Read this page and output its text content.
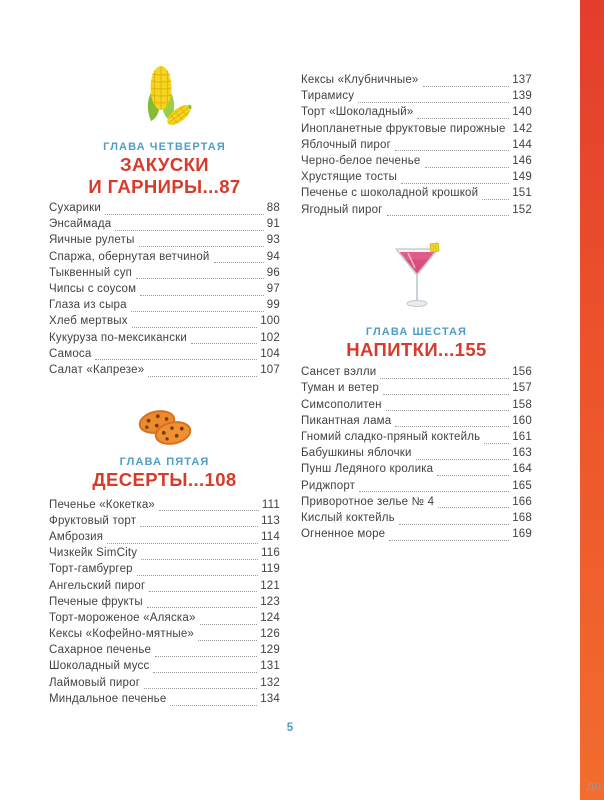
ГЛАВА ЧЕТВЕРТАЯ
ЗАКУСКИ
И ГАРНИРЫ...87
Сухарики	88
Энсаймада	91
Яичные рулеты	93
Спаржа, обернутая ветчиной	94
Тыквенный суп	96
Чипсы с соусом	97
Глаза из сыра	99
Хлеб мертвых	100
Кукуруза по-мексикански	102
Самоса	104
Салат «Капрезе»	107
ГЛАВА ПЯТАЯ
ДЕСЕРТЫ...108
Печенье «Кокетка»	111
Фруктовый торт	113
Амброзия	114
Чизкейк SimCity	116
Торт-гамбургер	119
Ангельский пирог	121
Печеные фрукты	123
Торт-мороженое «Аляска»	124
Кексы «Кофейно-мятные»	126
Сахарное печенье	129
Шоколадный мусс	131
Лаймовый пирог	132
Миндальное печенье	134
Кексы «Клубничные»	137
Тирамису	139
Торт «Шоколадный»	140
Инопланетные фруктовые пирожные 142
Яблочный пирог	144
Черно-белое печенье	146
Хрустящие тосты	149
Печенье с шоколадной крошкой	151
Ягодный пирог	152
ГЛАВА ШЕСТАЯ
НАПИТКИ...155
Сансет вэлли	156
Туман и ветер	157
Симсополитен	158
Пикантная лама	160
Гномий сладко-пряный коктейль	161
Бабушкины яблочки	163
Пунш Ледяного кролика	164
Риджпорт	165
Приворотное зелье № 4	166
Кислый коктейль	168
Огненное море	169
5
да
